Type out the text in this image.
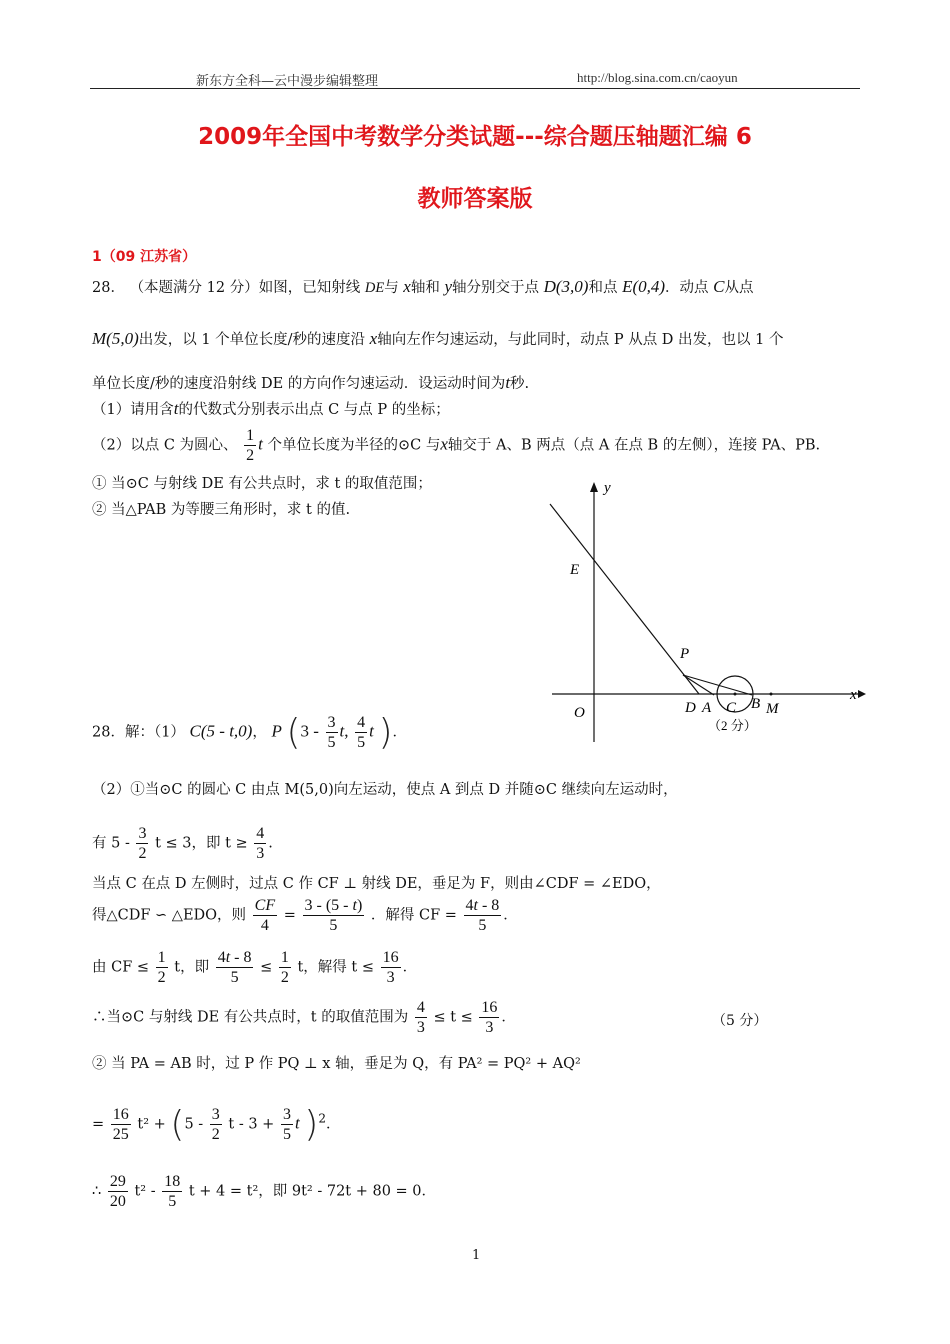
新东方全科—云中漫步编辑整理	http://blog.sina.com.cn/caoyun
2009年全国中考数学分类试题---综合题压轴题汇编 6
教师答案版
1（09 江苏省）
28． （本题满分 12 分）如图，已知射线 DE与 x轴和 y轴分别交于点 D(3,0)和点 E(0,4)．动点 C从点
M(5,0)出发，以 1 个单位长度/秒的速度沿 x轴向左作匀速运动，与此同时，动点 P 从点 D 出发，也以 1 个
单位长度/秒的速度沿射线 DE 的方向作匀速运动．设运动时间为t秒.
（1）请用含t的代数式分别表示出点 C 与点 P 的坐标；
（2）以点 C 为圆心、 $\frac{1}{2}$ t 个单位长度为半径的⊙C 与x轴交于 A、B 两点（点 A 在点 B 的左侧），连接 PA、PB.
① 当⊙C 与射线 DE 有公共点时，求 t 的取值范围；
② 当△PAB 为等腰三角形时，求 t 的值.
y
x
E
P
O	D A C B M
（2 分）
28．解：（1） C(5 - t,0)， P ($3 - \frac{3}{5} t$, $\frac{4}{5}$ t )．
（2）①当⊙C 的圆心 C 由点 M(5,0)向左运动，使点 A 到点 D 并随⊙C 继续向左运动时，
有 $5 - \frac{3}{2}$ t ≤ 3，即 $t \ge \frac{4}{3}$ .
当点 C 在点 D 左侧时，过点 C 作 CF ⊥ 射线 DE，垂足为 F，则由∠CDF = ∠EDO，
得△CDF ∽ △EDO，则 $\frac{CF}{4} = \frac{3 - (5 - t)}{5}$ ．解得 CF = $\frac{4t - 8}{5}$ ．
由 CF ≤ $\frac{1}{2}$ t，即 $\frac{4t - 8}{5} \le \frac{1}{2}$ t，解得 $t \le \frac{16}{3}$ ．
∴当⊙C 与射线 DE 有公共点时，t 的取值范围为 $\frac{4}{3} \le t \le \frac{16}{3}$ ．	（5 分）
② 当 PA = AB 时，过 P 作 PQ ⊥ x 轴，垂足为 Q，有 PA² = PQ² + AQ²
= $\frac{16}{25} t^2 + (5 - \frac{3}{2}$ $t - 3 + \frac{3}{5}$ t )$^2$．
∴ $\frac{29}{20} t^2 - \frac{18}{5}$ t + 4 = t²，即 9t² - 72t + 80 = 0．
1
